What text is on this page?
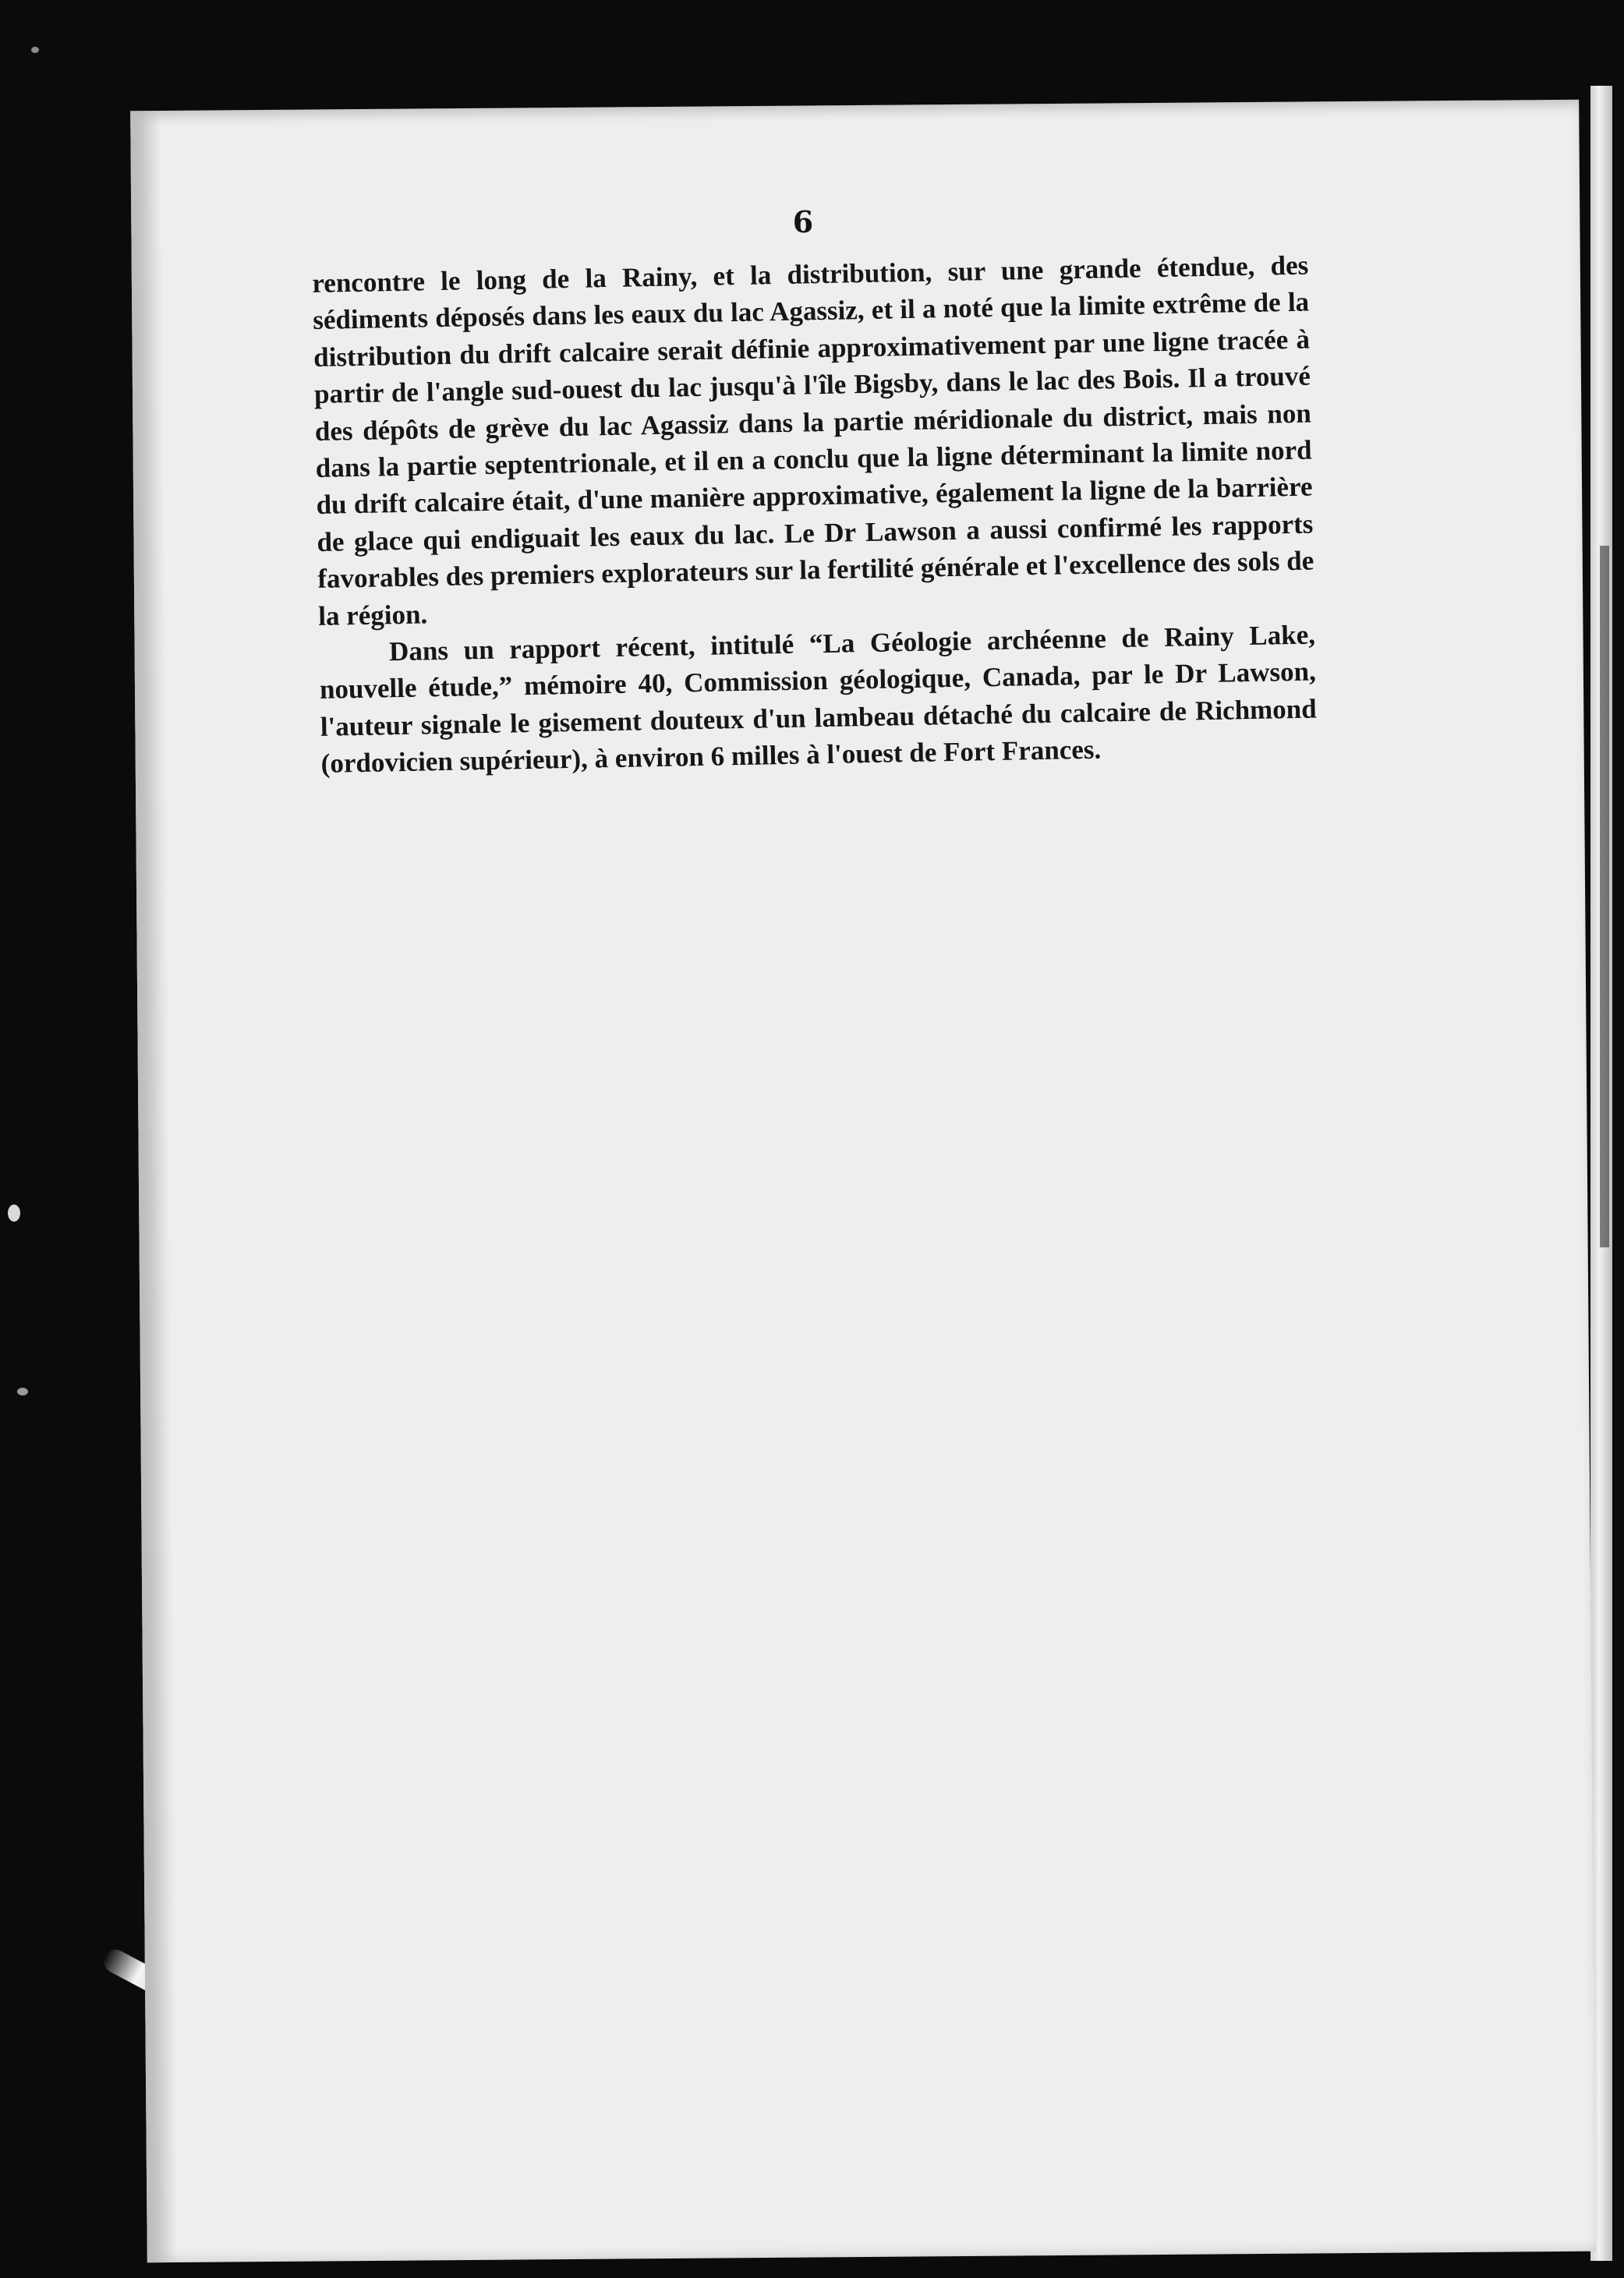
6

rencontre le long de la Rainy, et la distribution, sur une grande étendue, des sédiments déposés dans les eaux du lac Agassiz, et il a noté que la limite extrême de la distribution du drift calcaire serait définie approximativement par une ligne tracée à partir de l'angle sud-ouest du lac jusqu'à l'île Bigsby, dans le lac des Bois. Il a trouvé des dépôts de grève du lac Agassiz dans la partie méridionale du district, mais non dans la partie septentrionale, et il en a conclu que la ligne déterminant la limite nord du drift calcaire était, d'une manière approximative, également la ligne de la barrière de glace qui endiguait les eaux du lac. Le Dr Lawson a aussi confirmé les rapports favorables des premiers explorateurs sur la fertilité générale et l'excellence des sols de la région.

Dans un rapport récent, intitulé “La Géologie archéenne de Rainy Lake, nouvelle étude,” mémoire 40, Commission géologique, Canada, par le Dr Lawson, l'auteur signale le gisement douteux d'un lambeau détaché du calcaire de Richmond (ordovicien supérieur), à environ 6 milles à l'ouest de Fort Frances.
